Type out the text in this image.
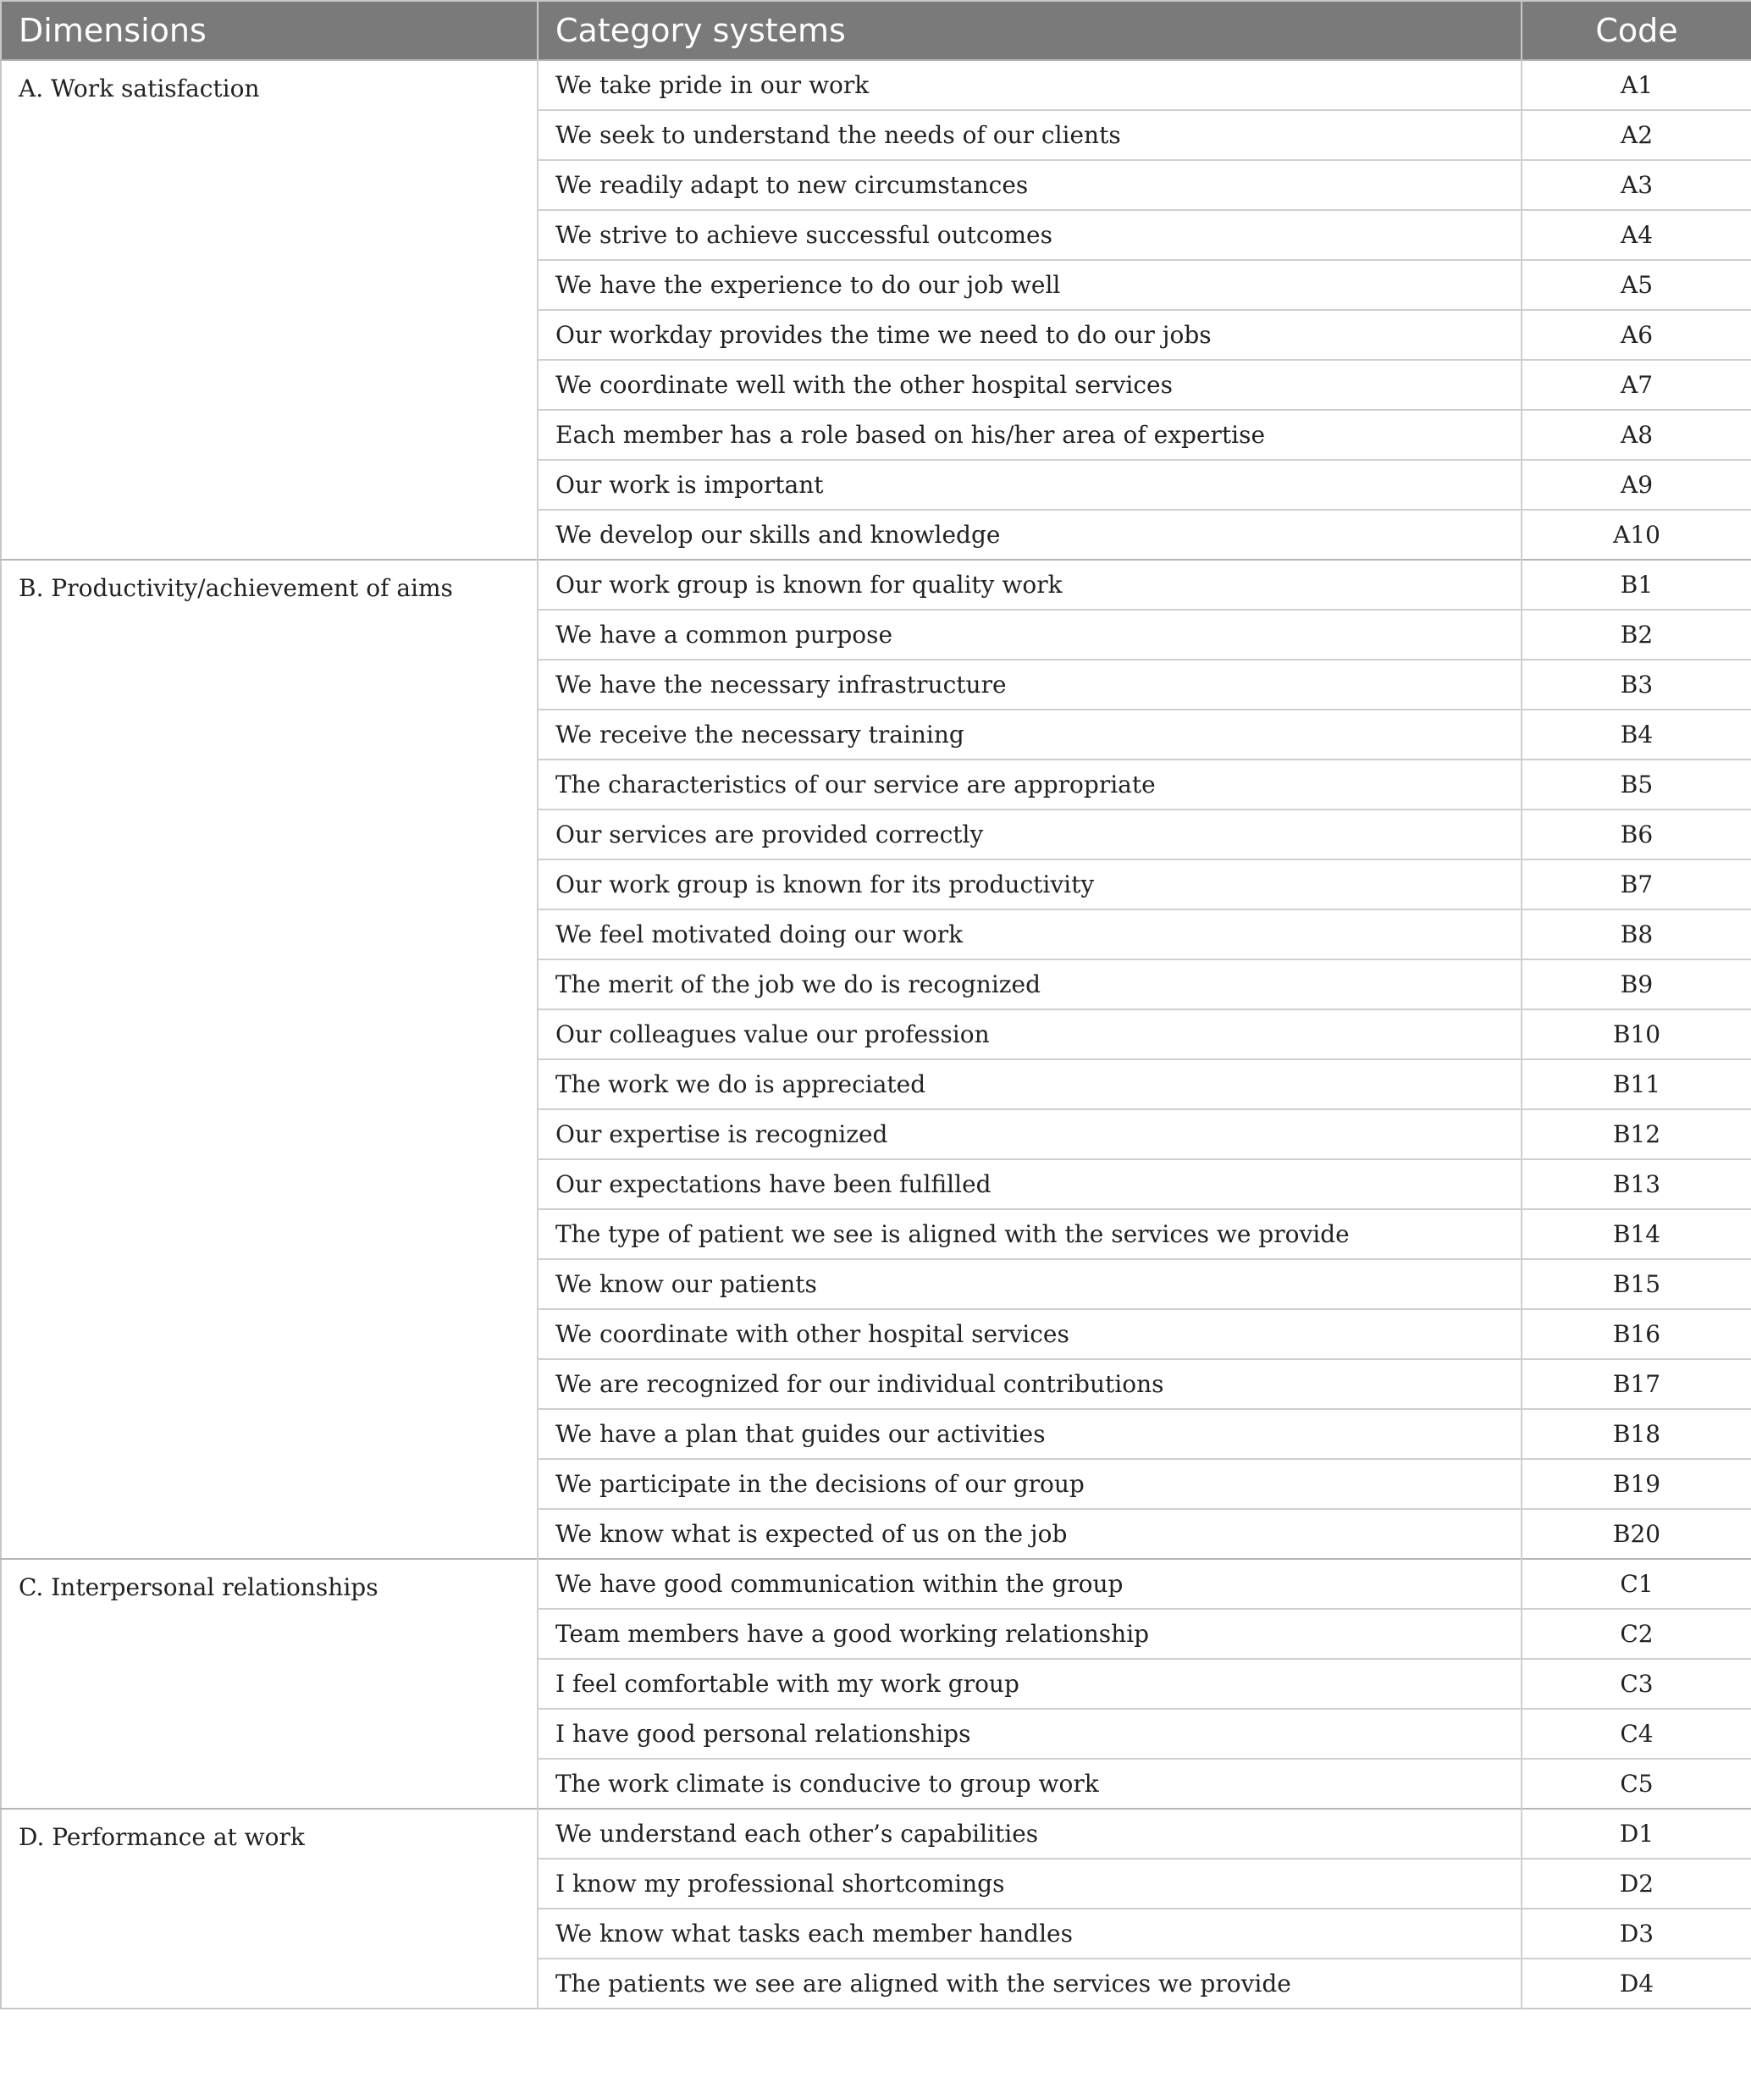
Dimensions	Category systems	Code
A. Work satisfaction	We take pride in our work	A1
	We seek to understand the needs of our clients	A2
	We readily adapt to new circumstances	A3
	We strive to achieve successful outcomes	A4
	We have the experience to do our job well	A5
	Our workday provides the time we need to do our jobs	A6
	We coordinate well with the other hospital services	A7
	Each member has a role based on his/her area of expertise	A8
	Our work is important	A9
	We develop our skills and knowledge	A10
B. Productivity/achievement of aims	Our work group is known for quality work	B1
	We have a common purpose	B2
	We have the necessary infrastructure	B3
	We receive the necessary training	B4
	The characteristics of our service are appropriate	B5
	Our services are provided correctly	B6
	Our work group is known for its productivity	B7
	We feel motivated doing our work	B8
	The merit of the job we do is recognized	B9
	Our colleagues value our profession	B10
	The work we do is appreciated	B11
	Our expertise is recognized	B12
	Our expectations have been fulfilled	B13
	The type of patient we see is aligned with the services we provide	B14
	We know our patients	B15
	We coordinate with other hospital services	B16
	We are recognized for our individual contributions	B17
	We have a plan that guides our activities	B18
	We participate in the decisions of our group	B19
	We know what is expected of us on the job	B20
C. Interpersonal relationships	We have good communication within the group	C1
	Team members have a good working relationship	C2
	I feel comfortable with my work group	C3
	I have good personal relationships	C4
	The work climate is conducive to group work	C5
D. Performance at work	We understand each other’s capabilities	D1
	I know my professional shortcomings	D2
	We know what tasks each member handles	D3
	The patients we see are aligned with the services we provide	D4
